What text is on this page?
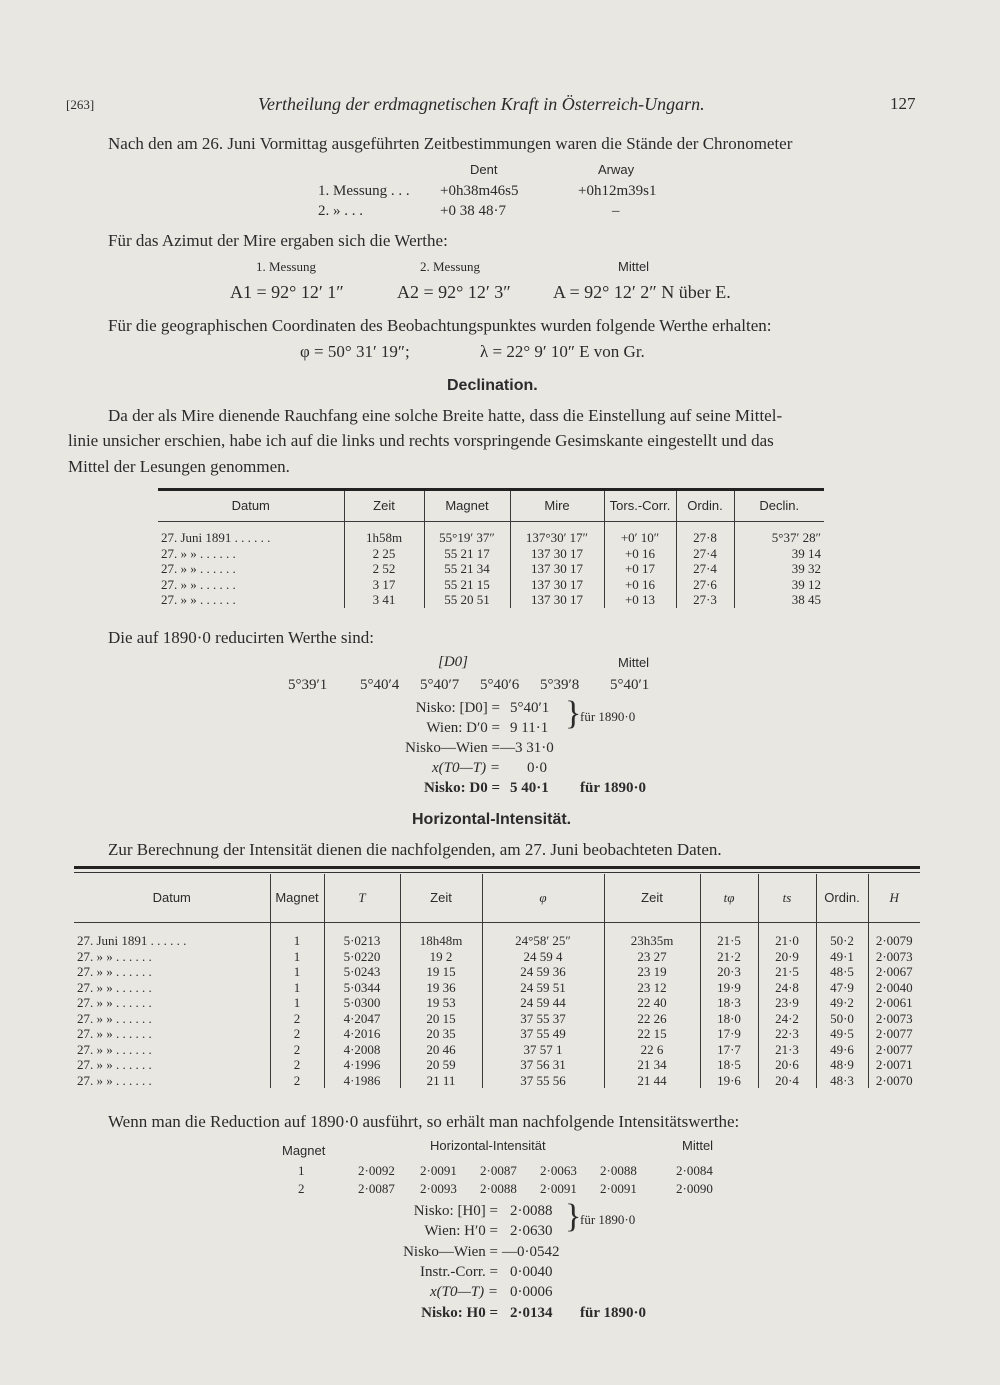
[263]	Vertheilung der erdmagnetischen Kraft in Österreich-Ungarn.	127
Nach den am 26. Juni Vormittag ausgeführten Zeitbestimmungen waren die Stände der Chronometer
Dent	Arway
1. Messung . . . +0h38m46s5	+0h12m39s1
2. » . . .	+0 38 48·7	–
Für das Azimut der Mire ergaben sich die Werthe:
1. Messung	2. Messung	Mittel
A1 = 92° 12′ 1″	A2 = 92° 12′ 3″ A = 92° 12′ 2″ N über E.
Für die geographischen Coordinaten des Beobachtungspunktes wurden folgende Werthe erhalten:
φ = 50° 31′ 19″;	λ = 22° 9′ 10″ E von Gr.
Declination.
Da der als Mire dienende Rauchfang eine solche Breite hatte, dass die Einstellung auf seine Mittel-
linie unsicher erschien, habe ich auf die links und rechts vorspringende Gesimskante eingestellt und das
Mittel der Lesungen genommen.
Datum	Zeit	Magnet	Mire	Tors.-Corr.	Ordin.	Declin.

27. Juni 1891 . . . . . .	1h58m	55°19′ 37″	137°30′ 17″	+0′ 10″	27·8	5°37′ 28″
27. » » . . . . . .	2 25	55 21 17	137 30 17	+0 16	27·4	39 14
27. » » . . . . . .	2 52	55 21 34	137 30 17	+0 17	27·4	39 32
27. » » . . . . . .	3 17	55 21 15	137 30 17	+0 16	27·6	39 12
27. » » . . . . . .	3 41	55 20 51	137 30 17	+0 13	27·3	38 45
Die auf 1890·0 reducirten Werthe sind:
[D0]	Mittel
5°39′1 5°40′4 5°40′7 5°40′6 5°39′8 5°40′1
Nisko: [D0] = 5°40′1
Wien: D′0 = 9 11·1 }
für 1890·0
Nisko—Wien = —3 31·0
x(T0—T) = 0·0
Nisko: D0 = 5 40·1 für 1890·0
Horizontal-Intensität.
Zur Berechnung der Intensität dienen die nachfolgenden, am 27. Juni beobachteten Daten.
Datum	Magnet	T	Zeit	φ	Zeit	tφ	ts	Ordin.	H

27. Juni 1891 . . . . . .	1	5·0213	18h48m	24°58′ 25″	23h35m	21·5	21·0	50·2	2·0079
27. » » . . . . . .	1	5·0220	19 2	24 59 4	23 27	21·2	20·9	49·1	2·0073
27. » » . . . . . .	1	5·0243	19 15	24 59 36	23 19	20·3	21·5	48·5	2·0067
27. » » . . . . . .	1	5·0344	19 36	24 59 51	23 12	19·9	24·8	47·9	2·0040
27. » » . . . . . .	1	5·0300	19 53	24 59 44	22 40	18·3	23·9	49·2	2·0061
27. » » . . . . . .	2	4·2047	20 15	37 55 37	22 26	18·0	24·2	50·0	2·0073
27. » » . . . . . .	2	4·2016	20 35	37 55 49	22 15	17·9	22·3	49·5	2·0077
27. » » . . . . . .	2	4·2008	20 46	37 57 1	22 6	17·7	21·3	49·6	2·0077
27. » » . . . . . .	2	4·1996	20 59	37 56 31	21 34	18·5	20·6	48·9	2·0071
27. » » . . . . . .	2	4·1986	21 11	37 55 56	21 44	19·6	20·4	48·3	2·0070
Wenn man die Reduction auf 1890·0 ausführt, so erhält man nachfolgende Intensitätswerthe:
Magnet	Horizontal-Intensität	Mittel
1	2·0092 2·0091 2·0087 2·0063 2·0088	2·0084
2	2·0087 2·0093 2·0088 2·0091 2·0091	2·0090
Nisko: [H0] = 2·0088
Wien: H′0 = 2·0630 }
für 1890·0
Nisko—Wien = —0·0542
Instr.-Corr. = 0·0040
x(T0—T) = 0·0006
Nisko: H0 = 2·0134 für 1890·0
